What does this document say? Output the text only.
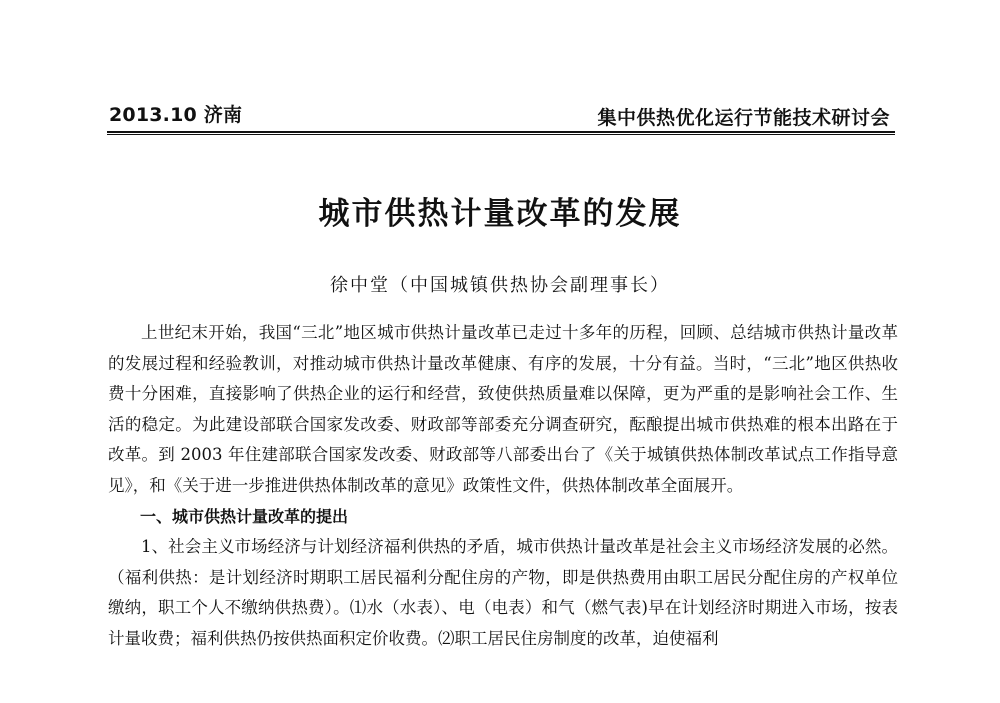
2013.10 济南	集中供热优化运行节能技术研讨会
城市供热计量改革的发展
徐中堂（中国城镇供热协会副理事长）

上世纪末开始，我国“三北”地区城市供热计量改革已走过十多年的历程，回顾、总结城市供热计量改革的发展过程和经验教训，对推动城市供热计量改革健康、有序的发展，十分有益。当时，“三北”地区供热收费十分困难，直接影响了供热企业的运行和经营，致使供热质量难以保障，更为严重的是影响社会工作、生活的稳定。为此建设部联合国家发改委、财政部等部委充分调查研究，酝酿提出城市供热难的根本出路在于改革。到 2003 年住建部联合国家发改委、财政部等八部委出台了《关于城镇供热体制改革试点工作指导意见》，和《关于进一步推进供热体制改革的意见》政策性文件，供热体制改革全面展开。

一、城市供热计量改革的提出

1、社会主义市场经济与计划经济福利供热的矛盾，城市供热计量改革是社会主义市场经济发展的必然。（福利供热：是计划经济时期职工居民福利分配住房的产物，即是供热费用由职工居民分配住房的产权单位缴纳，职工个人不缴纳供热费）。⑴水（水表）、电（电表）和气（燃气表)早在计划经济时期进入市场，按表计量收费；福利供热仍按供热面积定价收费。⑵职工居民住房制度的改革，迫使福利
